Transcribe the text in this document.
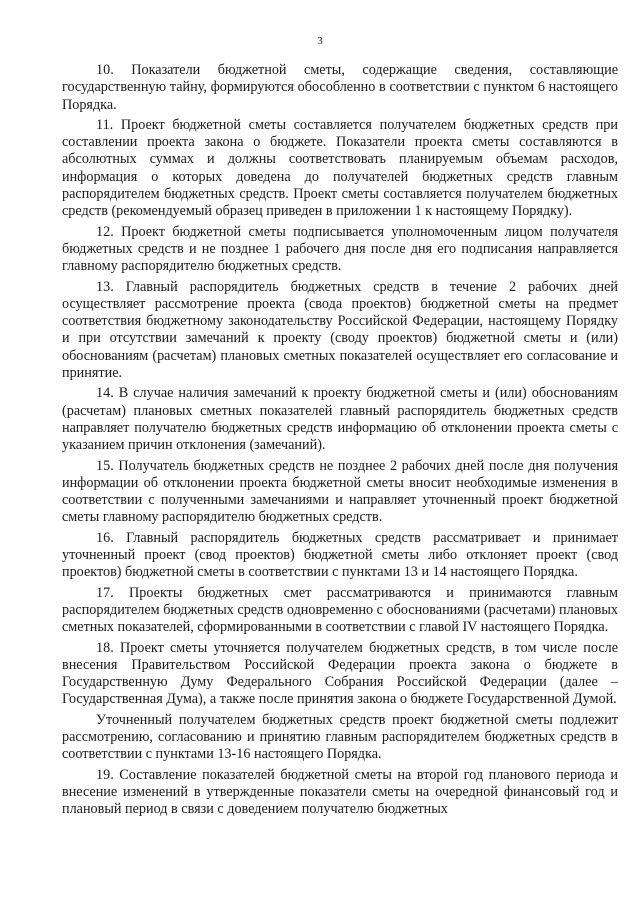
3

10. Показатели бюджетной сметы, содержащие сведения, составляющие государственную тайну, формируются обособленно в соответствии с пунктом 6 настоящего Порядка.

11. Проект бюджетной сметы составляется получателем бюджетных средств при составлении проекта закона о бюджете. Показатели проекта сметы составляются в абсолютных суммах и должны соответствовать планируемым объемам расходов, информация о которых доведена до получателей бюджетных средств главным распорядителем бюджетных средств. Проект сметы составляется получателем бюджетных средств (рекомендуемый образец приведен в приложении 1 к настоящему Порядку).

12. Проект бюджетной сметы подписывается уполномоченным лицом получателя бюджетных средств и не позднее 1 рабочего дня после дня его подписания направляется главному распорядителю бюджетных средств.

13. Главный распорядитель бюджетных средств в течение 2 рабочих дней осуществляет рассмотрение проекта (свода проектов) бюджетной сметы на предмет соответствия бюджетному законодательству Российской Федерации, настоящему Порядку и при отсутствии замечаний к проекту (своду проектов) бюджетной сметы и (или) обоснованиям (расчетам) плановых сметных показателей осуществляет его согласование и принятие.

14. В случае наличия замечаний к проекту бюджетной сметы и (или) обоснованиям (расчетам) плановых сметных показателей главный распорядитель бюджетных средств направляет получателю бюджетных средств информацию об отклонении проекта сметы с указанием причин отклонения (замечаний).

15. Получатель бюджетных средств не позднее 2 рабочих дней после дня получения информации об отклонении проекта бюджетной сметы вносит необходимые изменения в соответствии с полученными замечаниями и направляет уточненный проект бюджетной сметы главному распорядителю бюджетных средств.

16. Главный распорядитель бюджетных средств рассматривает и принимает уточненный проект (свод проектов) бюджетной сметы либо отклоняет проект (свод проектов) бюджетной сметы в соответствии с пунктами 13 и 14 настоящего Порядка.

17. Проекты бюджетных смет рассматриваются и принимаются главным распорядителем бюджетных средств одновременно с обоснованиями (расчетами) плановых сметных показателей, сформированными в соответствии с главой IV настоящего Порядка.

18. Проект сметы уточняется получателем бюджетных средств, в том числе после внесения Правительством Российской Федерации проекта закона о бюджете в Государственную Думу Федерального Собрания Российской Федерации (далее – Государственная Дума), а также после принятия закона о бюджете Государственной Думой.

Уточненный получателем бюджетных средств проект бюджетной сметы подлежит рассмотрению, согласованию и принятию главным распорядителем бюджетных средств в соответствии с пунктами 13-16 настоящего Порядка.

19. Составление показателей бюджетной сметы на второй год планового периода и внесение изменений в утвержденные показатели сметы на очередной финансовый год и плановый период в связи с доведением получателю бюджетных
